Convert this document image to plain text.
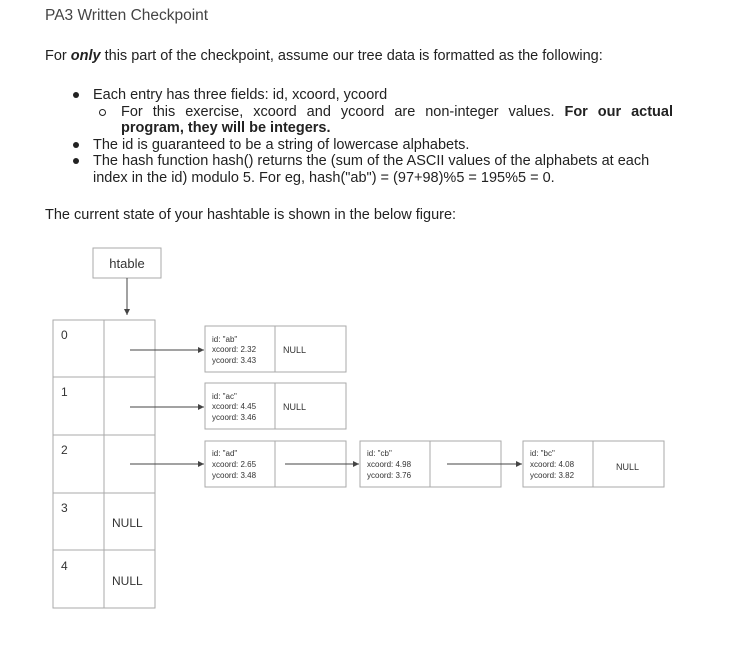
PA3 Written Checkpoint
For only this part of the checkpoint, assume our tree data is formatted as the following:
Each entry has three fields: id, xcoord, ycoord
For this exercise, xcoord and ycoord are non-integer values. For our actual program, they will be integers.
The id is guaranteed to be a string of lowercase alphabets.
The hash function hash() returns the (sum of the ASCII values of the alphabets at each index in the id) modulo 5. For eg, hash("ab") = (97+98)%5 = 195%5 = 0.
The current state of your hashtable is shown in the below figure:
htable
0
1
2
3
4
NULL
NULL
id: "ab"
xcoord: 2.32
ycoord: 3.43
NULL
id: "ac"
xcoord: 4.45
ycoord: 3.46
NULL
id: "ad"
xcoord: 2.65
ycoord: 3.48
id: "cb"
xcoord: 4.98
ycoord: 3.76
id: "bc"
xcoord: 4.08
ycoord: 3.82
NULL
